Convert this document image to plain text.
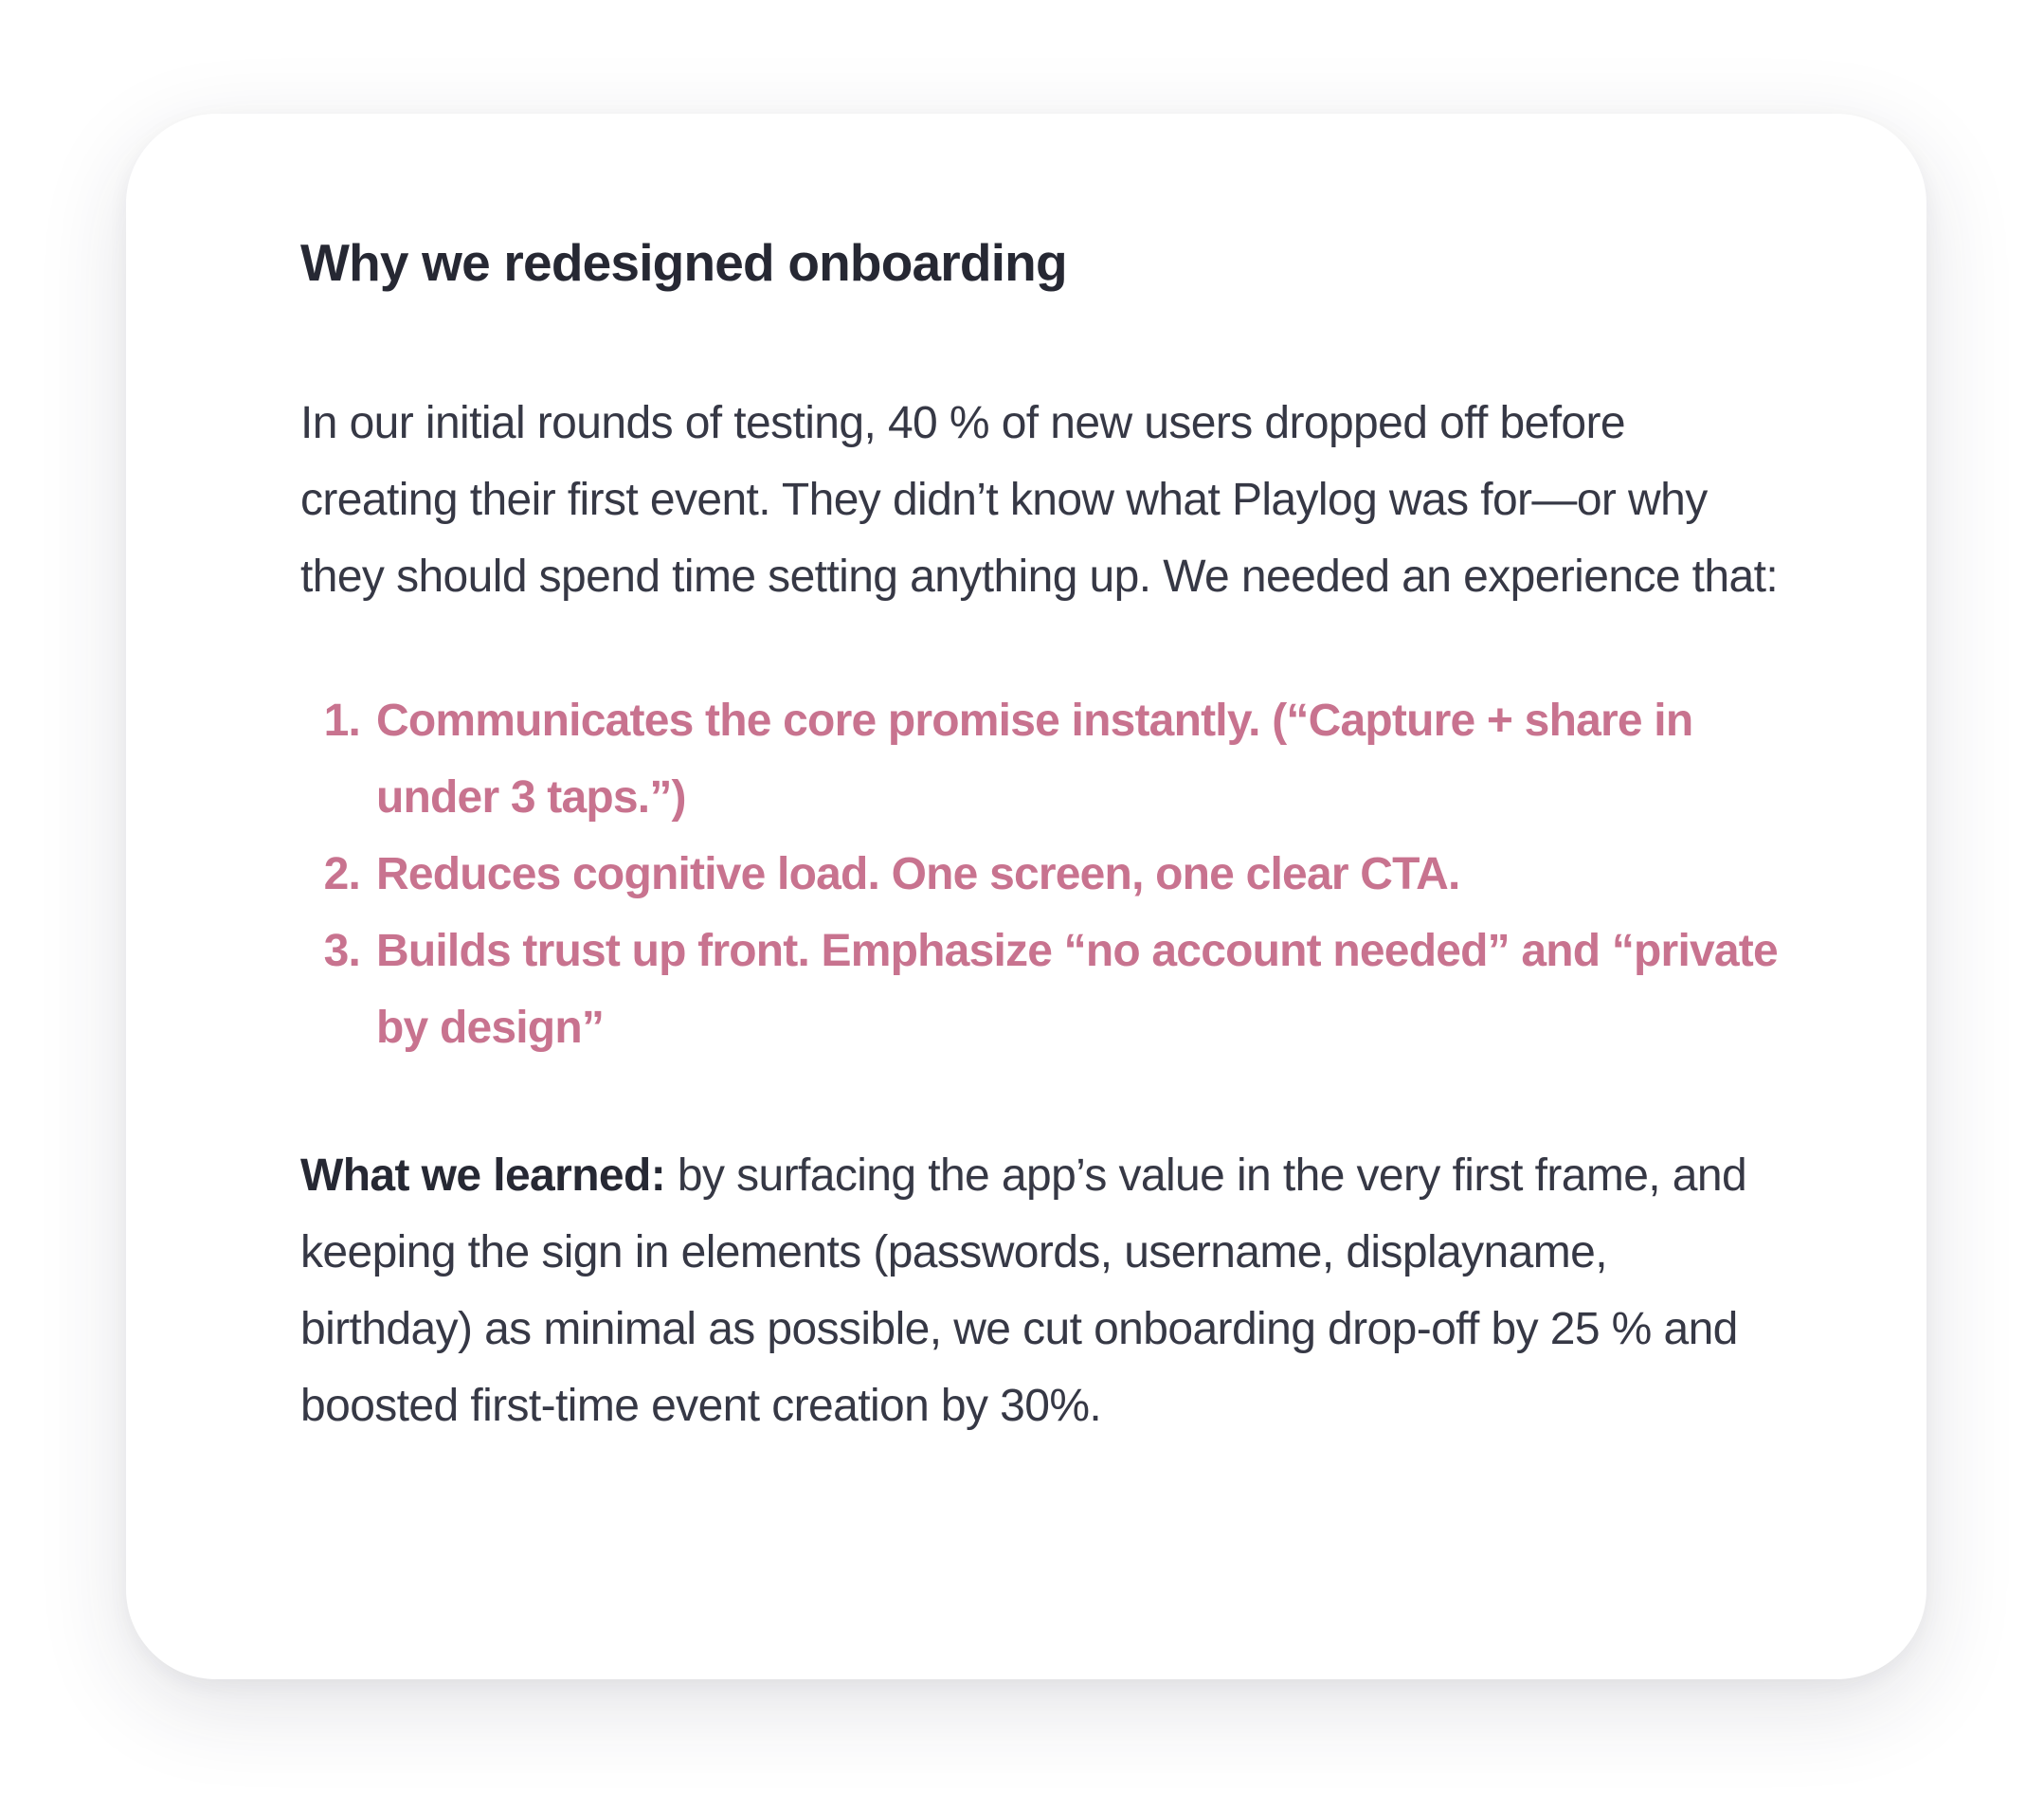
Why we redesigned onboarding

In our initial rounds of testing, 40 % of new users dropped off before creating their first event. They didn’t know what Playlog was for—or why they should spend time setting anything up. We needed an experience that:

1. Communicates the core promise instantly. (“Capture + share in under 3 taps.”)
2. Reduces cognitive load. One screen, one clear CTA.
3. Builds trust up front. Emphasize “no account needed” and “private by design”

What we learned: by surfacing the app’s value in the very first frame, and keeping the sign in elements (passwords, username, displayname, birthday) as minimal as possible, we cut onboarding drop-off by 25 % and boosted first-time event creation by 30%.
